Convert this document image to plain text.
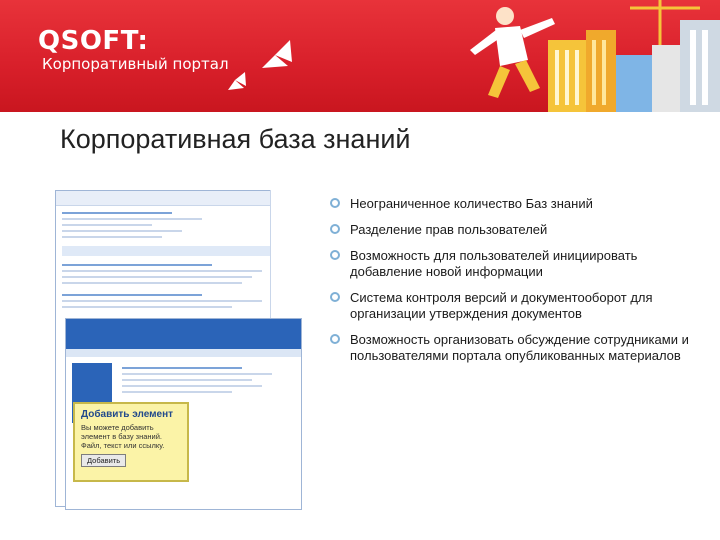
QSOFT:
Корпоративный портал
Корпоративная база знаний
Добавить элемент
Вы можете добавить элемент в базу знаний. Файл, текст или ссылку.
Добавить
Неограниченное количество Баз знаний
Разделение прав пользователей
Возможность для пользователей инициировать добавление новой информации
Система контроля версий и документооборот для организации утверждения документов
Возможность организовать обсуждение сотрудниками и пользователями портала опубликованных материалов
